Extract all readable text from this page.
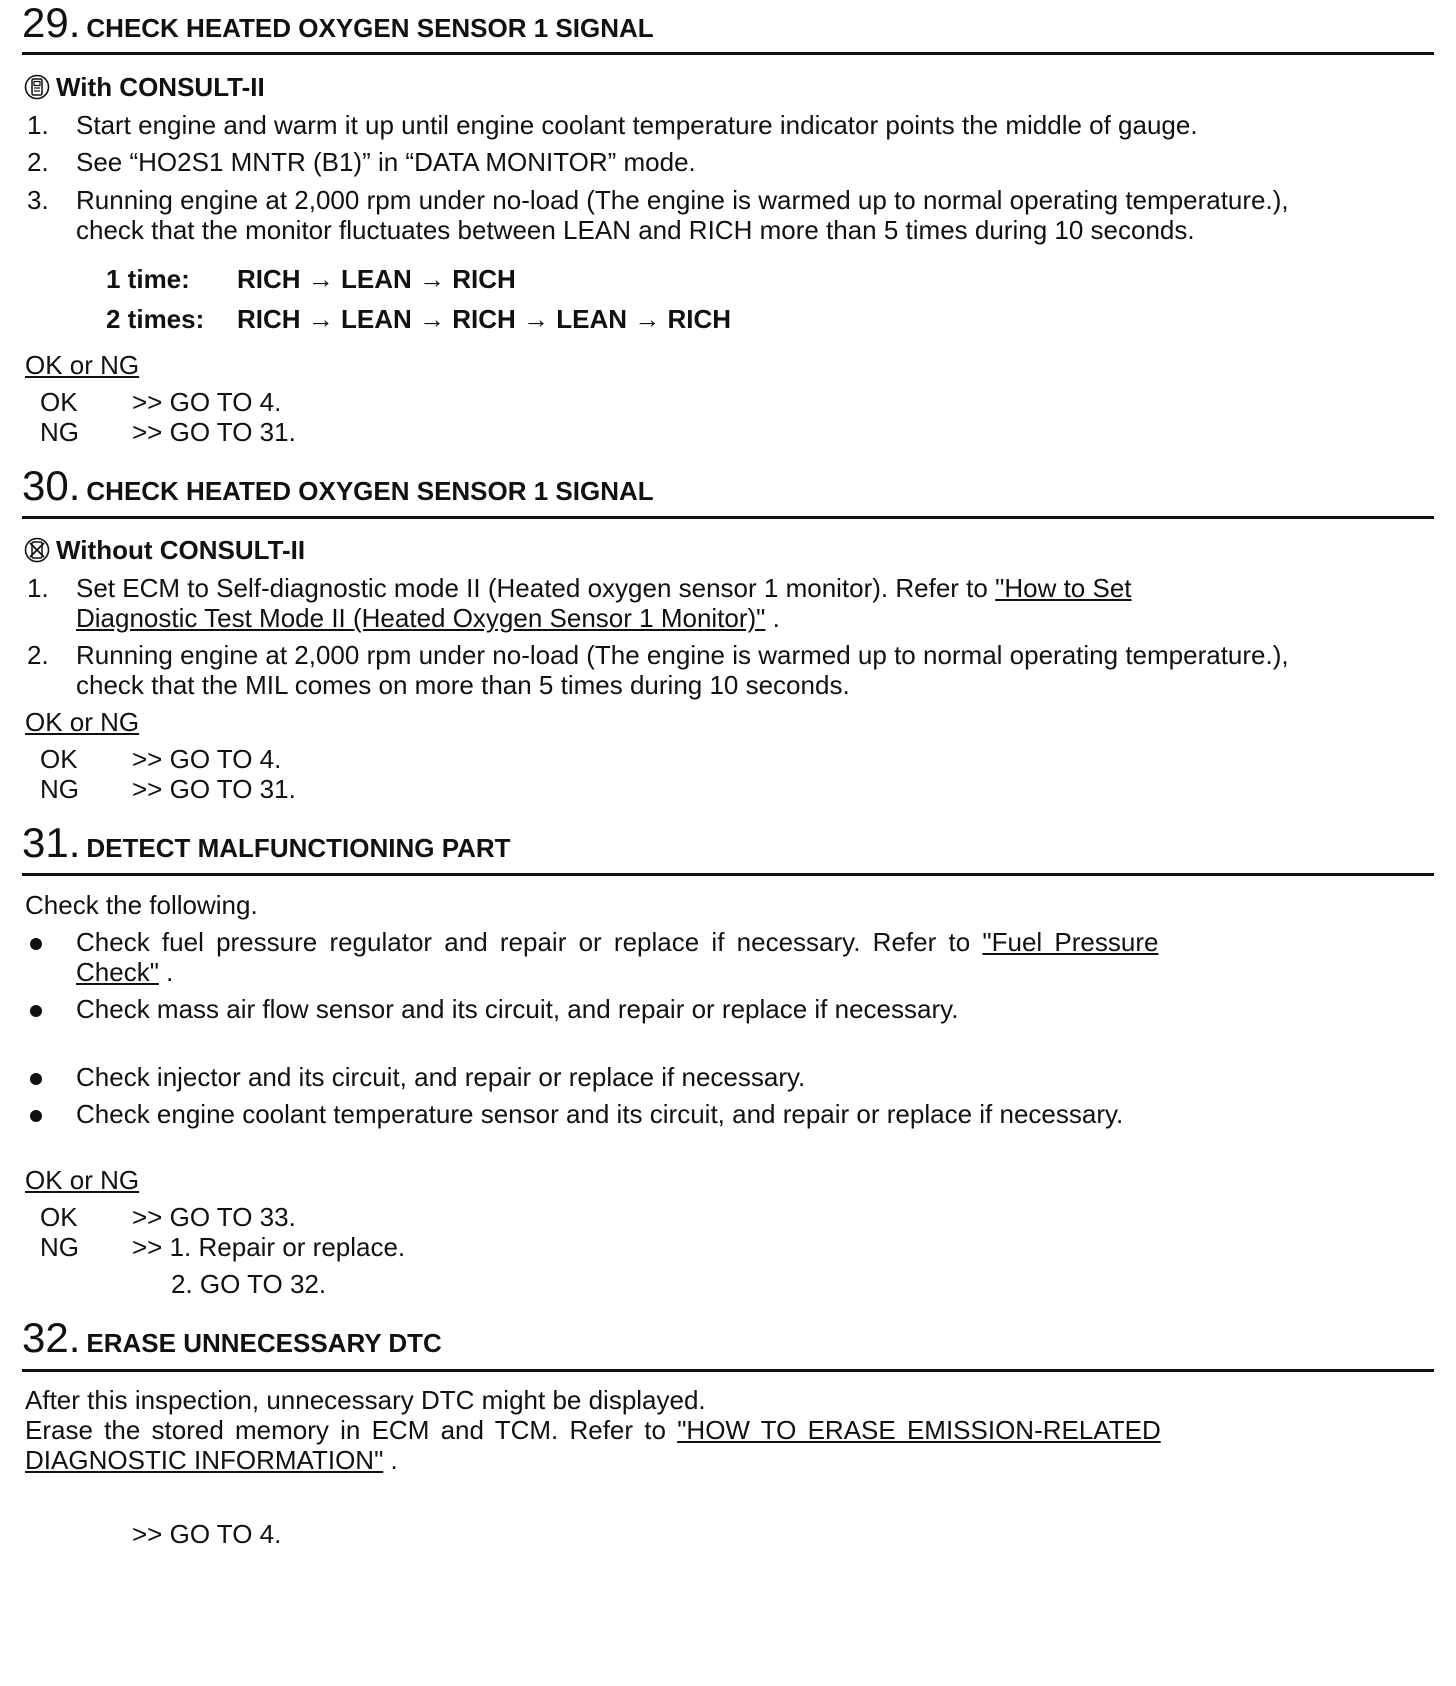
29. CHECK HEATED OXYGEN SENSOR 1 SIGNAL
With CONSULT-II
1. Start engine and warm it up until engine coolant temperature indicator points the middle of gauge.
2. See “HO2S1 MNTR (B1)” in “DATA MONITOR” mode.
3. Running engine at 2,000 rpm under no-load (The engine is warmed up to normal operating temperature.),
check that the monitor fluctuates between LEAN and RICH more than 5 times during 10 seconds.
1 time: RICH → LEAN → RICH
2 times: RICH → LEAN → RICH → LEAN → RICH
OK or NG
OK >> GO TO 4.
NG >> GO TO 31.
30. CHECK HEATED OXYGEN SENSOR 1 SIGNAL
Without CONSULT-II
1. Set ECM to Self-diagnostic mode II (Heated oxygen sensor 1 monitor). Refer to "How to Set
Diagnostic Test Mode II (Heated Oxygen Sensor 1 Monitor)" .
2. Running engine at 2,000 rpm under no-load (The engine is warmed up to normal operating temperature.),
check that the MIL comes on more than 5 times during 10 seconds.
OK or NG
OK >> GO TO 4.
NG >> GO TO 31.
31. DETECT MALFUNCTIONING PART
Check the following.
Check fuel pressure regulator and repair or replace if necessary. Refer to "Fuel Pressure
Check" .
Check mass air flow sensor and its circuit, and repair or replace if necessary.
Check injector and its circuit, and repair or replace if necessary.
Check engine coolant temperature sensor and its circuit, and repair or replace if necessary.
OK or NG
OK >> GO TO 33.
NG >> 1. Repair or replace.
2. GO TO 32.
32. ERASE UNNECESSARY DTC
After this inspection, unnecessary DTC might be displayed.
Erase the stored memory in ECM and TCM. Refer to "HOW TO ERASE EMISSION-RELATED
DIAGNOSTIC INFORMATION" .
>> GO TO 4.
